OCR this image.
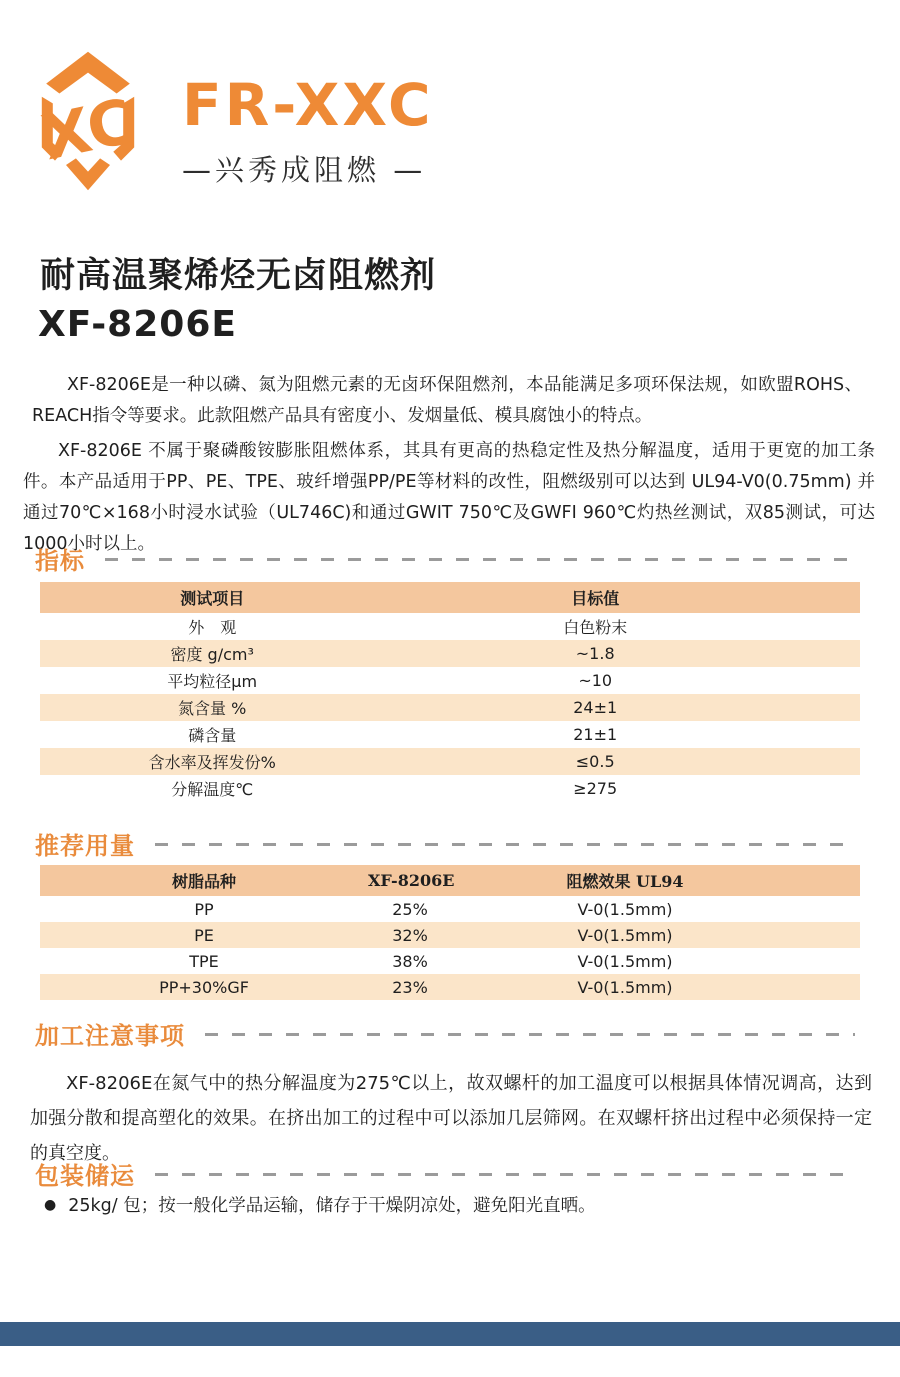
XC FR-XXC
—兴秀成阻燃 —
耐高温聚烯烃无卤阻燃剂
XF-8206E

XF-8206E是一种以磷、氮为阻燃元素的无卤环保阻燃剂，本品能满足多项环保法规，如欧盟ROHS、REACH指令等要求。此款阻燃产品具有密度小、发烟量低、模具腐蚀小的特点。

XF-8206E 不属于聚磷酸铵膨胀阻燃体系，其具有更高的热稳定性及热分解温度，适用于更宽的加工条件。本产品适用于PP、PE、TPE、玻纤增强PP/PE等材料的改性，阻燃级别可以达到 UL94-V0(0.75mm) 并通过70℃×168小时浸水试验（UL746C)和通过GWIT 750℃及GWFI 960℃灼热丝测试，双85测试，可达1000小时以上。

指标
测试项目	目标值
外　观	白色粉末
密度 g/cm³	~1.8
平均粒径μm	~10
氮含量 %	24±1
磷含量	21±1
含水率及挥发份%	≤0.5
分解温度℃	≥275
推荐用量
树脂品种	XF-8206E	阻燃效果 UL94
PP	25%	V-0(1.5mm)
PE	32%	V-0(1.5mm)
TPE	38%	V-0(1.5mm)
PP+30%GF	23%	V-0(1.5mm)
加工注意事项

XF-8206E在氮气中的热分解温度为275℃以上，故双螺杆的加工温度可以根据具体情况调高，达到加强分散和提高塑化的效果。在挤出加工的过程中可以添加几层筛网。在双螺杆挤出过程中必须保持一定的真空度。

包装储运
● 25kg/ 包；按一般化学品运输，储存于干燥阴凉处，避免阳光直晒。
